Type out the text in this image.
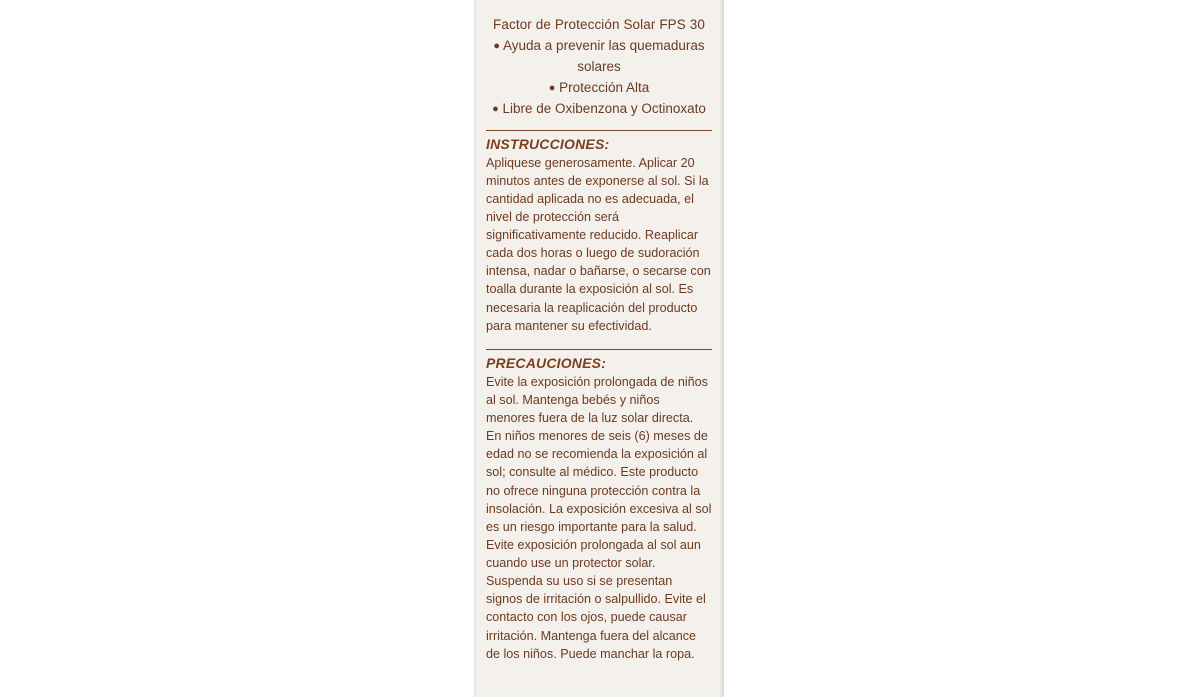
Factor de Protección Solar FPS 30
● Ayuda a prevenir las quemaduras solares
● Protección Alta
● Libre de Oxibenzona y Octinoxato
INSTRUCCIONES:
Apliquese generosamente. Aplicar 20 minutos antes de exponerse al sol. Si la cantidad aplicada no es adecuada, el nivel de protección será significativamente reducido. Reaplicar cada dos horas o luego de sudoración intensa, nadar o bañarse, o secarse con toalla durante la exposición al sol. Es necesaria la reaplicación del producto para mantener su efectividad.
PRECAUCIONES:
Evite la exposición prolongada de niños al sol. Mantenga bebés y niños menores fuera de la luz solar directa. En niños menores de seis (6) meses de edad no se recomienda la exposición al sol; consulte al médico. Este producto no ofrece ninguna protección contra la insolación. La exposición excesiva al sol es un riesgo importante para la salud. Evite exposición prolongada al sol aun cuando use un protector solar. Suspenda su uso si se presentan signos de irritación o salpullido. Evite el contacto con los ojos, puede causar irritación. Mantenga fuera del alcance de los niños. Puede manchar la ropa.
